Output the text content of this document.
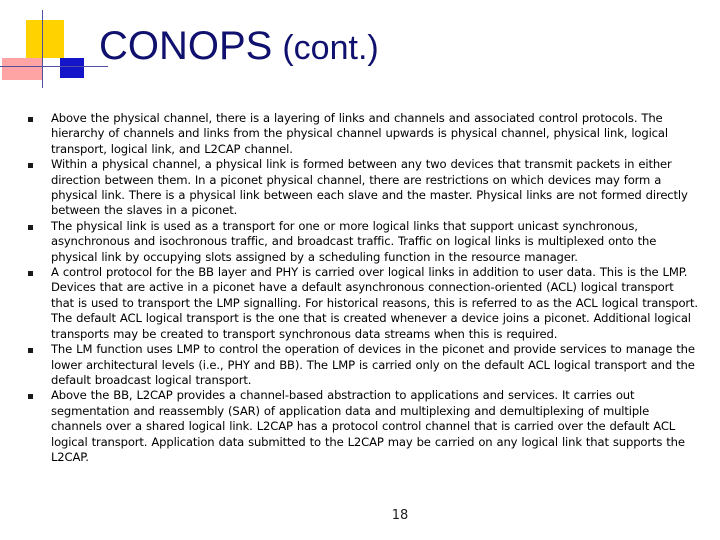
CONOPS (cont.)
Above the physical channel, there is a layering of links and channels and associated control protocols. The hierarchy of channels and links from the physical channel upwards is physical channel, physical link, logical transport, logical link, and L2CAP channel.
Within a physical channel, a physical link is formed between any two devices that transmit packets in either direction between them. In a piconet physical channel, there are restrictions on which devices may form a physical link. There is a physical link between each slave and the master. Physical links are not formed directly between the slaves in a piconet.
The physical link is used as a transport for one or more logical links that support unicast synchronous, asynchronous and isochronous traffic, and broadcast traffic. Traffic on logical links is multiplexed onto the physical link by occupying slots assigned by a scheduling function in the resource manager.
A control protocol for the BB layer and PHY is carried over logical links in addition to user data. This is the LMP. Devices that are active in a piconet have a default asynchronous connection-oriented (ACL) logical transport that is used to transport the LMP signalling. For historical reasons, this is referred to as the ACL logical transport. The default ACL logical transport is the one that is created whenever a device joins a piconet. Additional logical transports may be created to transport synchronous data streams when this is required.
The LM function uses LMP to control the operation of devices in the piconet and provide services to manage the lower architectural levels (i.e., PHY and BB). The LMP is carried only on the default ACL logical transport and the default broadcast logical transport.
Above the BB, L2CAP provides a channel-based abstraction to applications and services. It carries out segmentation and reassembly (SAR) of application data and multiplexing and demultiplexing of multiple channels over a shared logical link. L2CAP has a protocol control channel that is carried over the default ACL logical transport. Application data submitted to the L2CAP may be carried on any logical link that supports the L2CAP.
18
